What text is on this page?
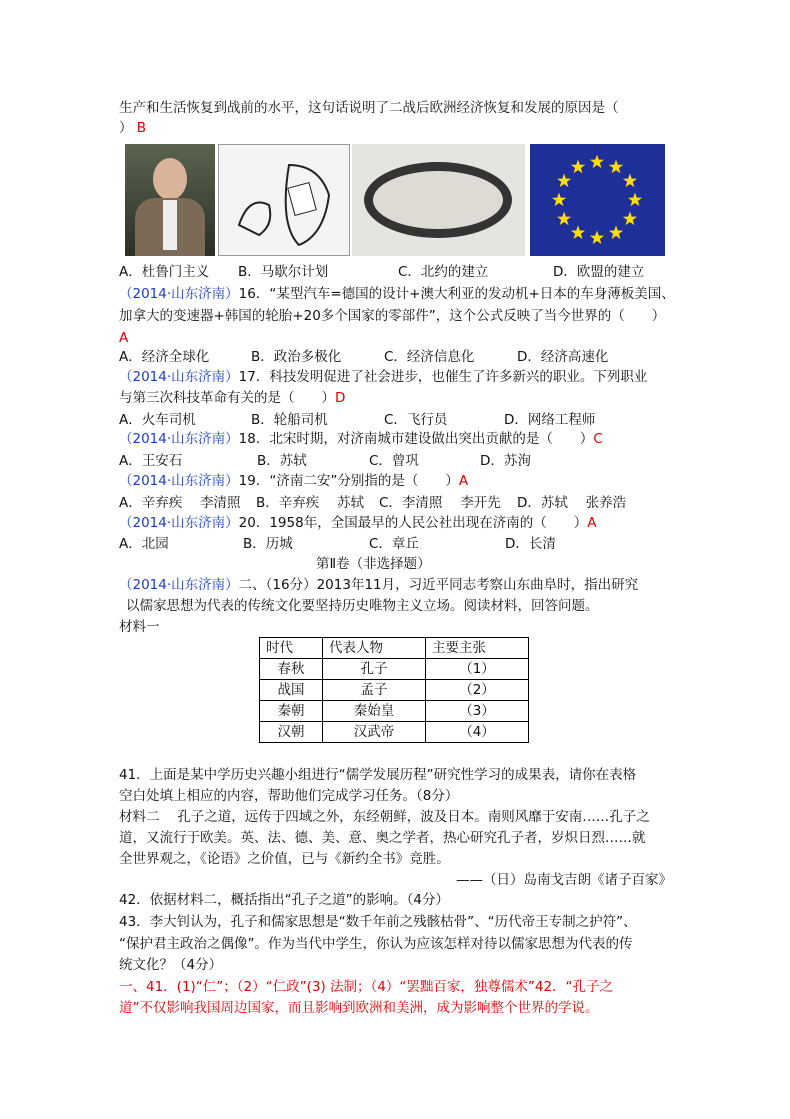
生产和生活恢复到战前的水平，这句话说明了二战后欧洲经济恢复和发展的原因是（
） B
A．杜鲁门主义 B．马歇尔计划	C．北约的建立	D．欧盟的建立
（2014·山东济南）16．“某型汽车=德国的设计+澳大利亚的发动机+日本的车身薄板美国、
加拿大的变速器+韩国的轮胎+20多个国家的零部件”，这个公式反映了当今世界的（　　）
A
A．经济全球化	B．政治多极化	C．经济信息化	D．经济高速化
（2014·山东济南）17．科技发明促进了社会进步，也催生了许多新兴的职业。下列职业
与第三次科技革命有关的是（　　）D
A．火车司机	B．轮船司机	C．飞行员	D．网络工程师
（2014·山东济南）18．北宋时期，对济南城市建设做出突出贡献的是（　　）C
A．王安石	B．苏轼	C．曾巩	D．苏洵
（2014·山东济南）19．“济南二安”分别指的是（　　）A
A．辛弃疾　 李清照 B．辛弃疾　 苏轼 C．李清照　 李开先 D．苏轼　 张养浩
（2014·山东济南）20．1958年，全国最早的人民公社出现在济南的（　　）A
A．北园	B．历城	C．章丘	D．长清
第Ⅱ卷（非选择题）
（2014·山东济南）二、（16分）2013年11月，习近平同志考察山东曲阜时，指出研究
以儒家思想为代表的传统文化要坚持历史唯物主义立场。阅读材料，回答问题。
材料一
时代	代表人物	主要主张
春秋	孔子	（1）
战国	孟子	（2）
秦朝	秦始皇	（3）
汉朝	汉武帝	（4）
41．上面是某中学历史兴趣小组进行“儒学发展历程”研究性学习的成果表，请你在表格
空白处填上相应的内容，帮助他们完成学习任务。（8分）
材料二　 孔子之道，远传于四域之外，东经朝鲜，波及日本。南则风靡于安南……孔子之
道，又流行于欧美。英、法、德、美、意、奥之学者，热心研究孔子者，岁炽日烈……就
全世界观之，《论语》之价值，已与《新约全书》竞胜。
——（日）岛南戈吉朗《诸子百家》
42．依据材料二，概括指出“孔子之道”的影响。（4分）
43．李大钊认为，孔子和儒家思想是“数千年前之残骸枯骨”、“历代帝王专制之护符”、
“保护君主政治之偶像”。作为当代中学生，你认为应该怎样对待以儒家思想为代表的传
统文化？（4分）
一、41．(1)“仁”；（2）“仁政”(3) 法制；（4）“罢黜百家，独尊儒术”42．“孔子之
道”不仅影响我国周边国家，而且影响到欧洲和美洲，成为影响整个世界的学说。
